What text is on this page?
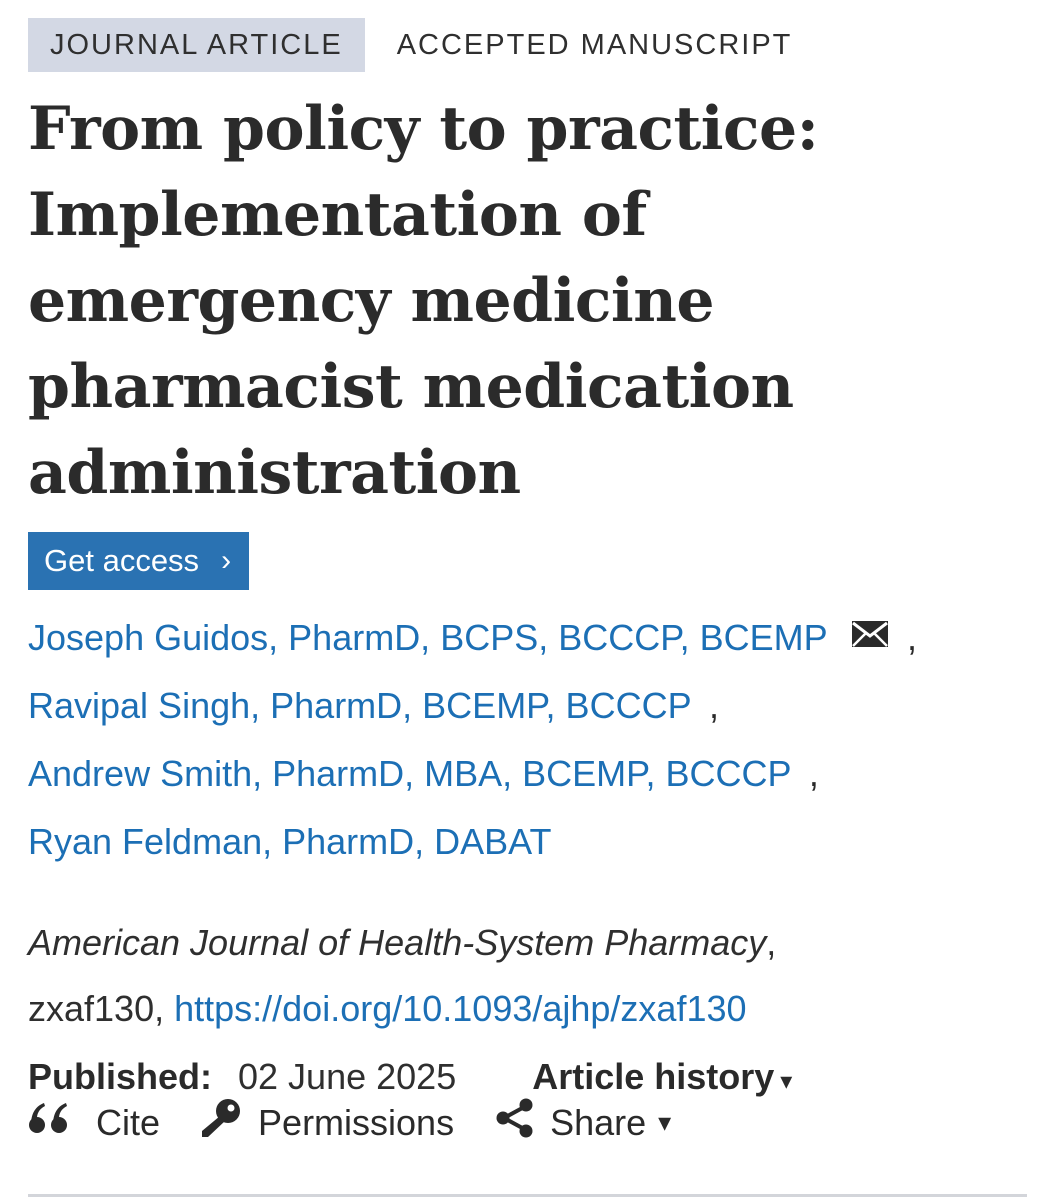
JOURNAL ARTICLE	ACCEPTED MANUSCRIPT
From policy to practice: Implementation of emergency medicine pharmacist medication administration
Get access ›
Joseph Guidos, PharmD, BCPS, BCCCP, BCEMP ,
Ravipal Singh, PharmD, BCEMP, BCCCP ,
Andrew Smith, PharmD, MBA, BCEMP, BCCCP ,
Ryan Feldman, PharmD, DABAT
American Journal of Health-System Pharmacy,
zxaf130, https://doi.org/10.1093/ajhp/zxaf130
Published: 02 June 2025 Article history ▾
Cite	Permissions	Share ▾
